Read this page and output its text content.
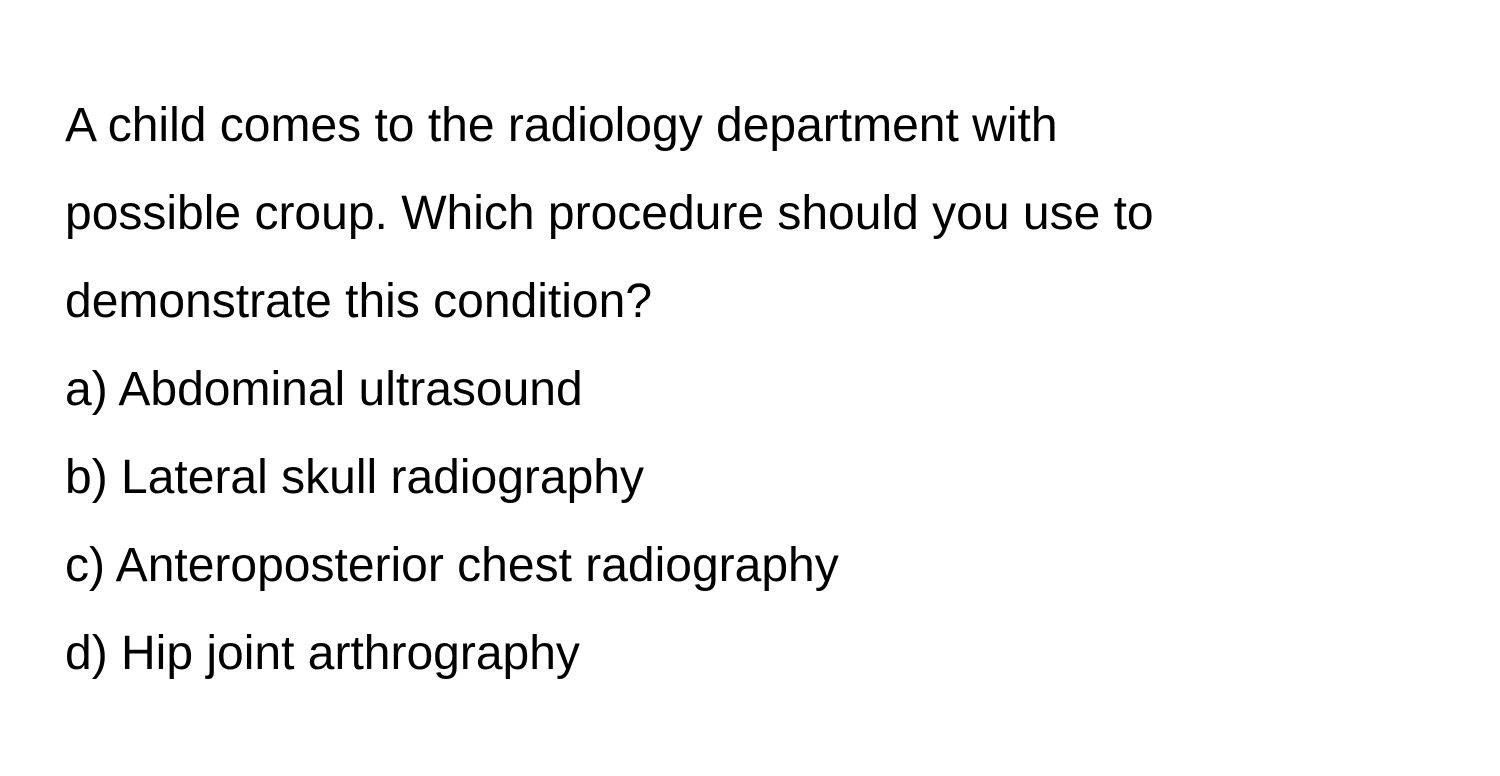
A child comes to the radiology department with
possible croup. Which procedure should you use to
demonstrate this condition?
a) Abdominal ultrasound
b) Lateral skull radiography
c) Anteroposterior chest radiography
d) Hip joint arthrography
